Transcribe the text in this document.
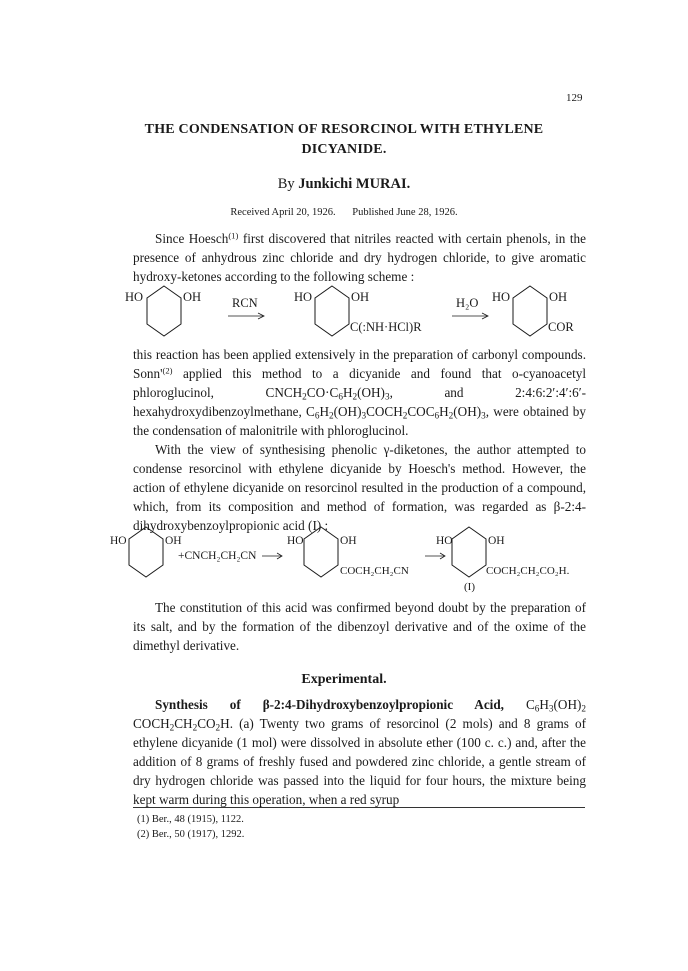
129
THE CONDENSATION OF RESORCINOL WITH ETHYLENE
DICYANIDE.
By Junkichi MURAI.
Received April 20, 1926. Published June 28, 1926.

Since Hoesch$^{(1)}$ first discovered that nitriles reacted with certain phenols, in the presence of anhydrous zinc chloride and dry hydrogen chloride, to give aromatic hydroxy-ketones according to the following scheme :

HO	OH RCN	HO	OH
C(:NH·HCl)R
H₂O HO	OH
COR
HO	OH
+CNCH₂CH₂CN
HO	OH
COCH₂CH₂CN
HO	OH
COCH₂CH₂CO₂H.
(I)

this reaction has been applied extensively in the preparation of carbonyl compounds. $Sonn'^{(2)}$ applied this method to a dicyanide and found that o-cyanoacetyl phloroglucinol, $CNCH_2CO\cdot C_6H_2(OH)_3$, and 2:4:6:2′:4′:6′-hexahydroxydibenzoylmethane, $C_6H_2(OH)_3COCH_2COC_6H_2(OH)_3$, were obtained by the condensation of malonitrile with phloroglucinol.

With the view of synthesising phenolic γ-diketones, the author attempted to condense resorcinol with ethylene dicyanide by Hoesch's method. However, the action of ethylene dicyanide on resorcinol resulted in the production of a compound, which, from its composition and method of formation, was regarded as β-2:4-dihydroxybenzoylpropionic acid (I) :

The constitution of this acid was confirmed beyond doubt by the preparation of its salt, and by the formation of the dibenzoyl derivative and of the oxime of the dimethyl derivative.

Experimental.

Synthesis of β-2:4-Dihydroxybenzoylpropionic Acid, $C_6H_3(OH)_2$ $COCH_2CH_2CO_2H$. (a) Twenty two grams of resorcinol (2 mols) and 8 grams of ethylene dicyanide (1 mol) were dissolved in absolute ether (100 c. c.) and, after the addition of 8 grams of freshly fused and powdered zinc chloride, a gentle stream of dry hydrogen chloride was passed into the liquid for four hours, the mixture being kept warm during this operation, when a red syrup

(1) Ber., 48 (1915), 1122.
(2) Ber., 50 (1917), 1292.
